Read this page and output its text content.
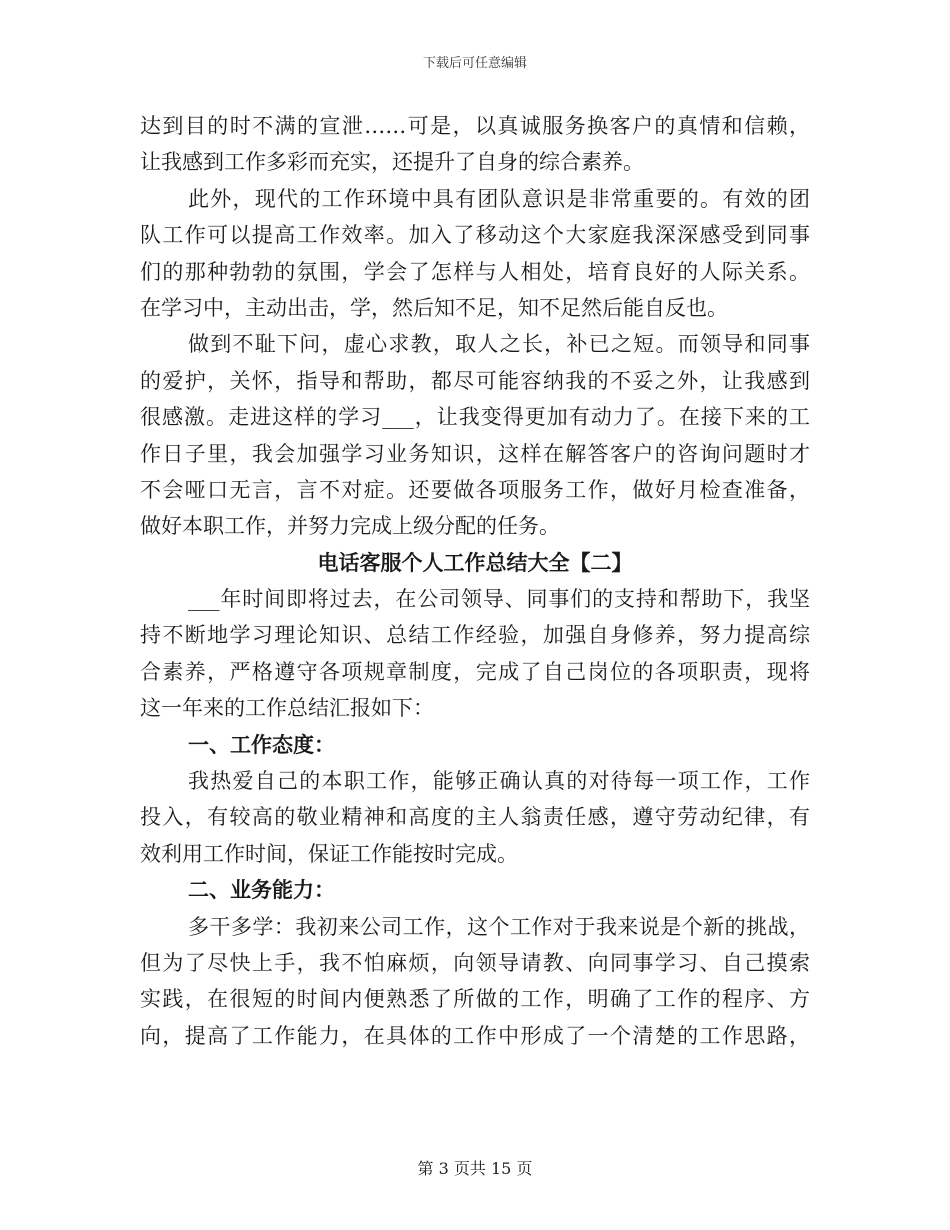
下载后可任意编辑
达到目的时不满的宣泄……可是，以真诚服务换客户的真情和信赖，
让我感到工作多彩而充实，还提升了自身的综合素养。
此外，现代的工作环境中具有团队意识是非常重要的。有效的团
队工作可以提高工作效率。加入了移动这个大家庭我深深感受到同事
们的那种勃勃的氛围，学会了怎样与人相处，培育良好的人际关系。
在学习中，主动出击，学，然后知不足，知不足然后能自反也。
做到不耻下问，虚心求教，取人之长，补已之短。而领导和同事
的爱护，关怀，指导和帮助，都尽可能容纳我的不妥之外，让我感到
很感激。走进这样的学习___，让我变得更加有动力了。在接下来的工
作日子里，我会加强学习业务知识，这样在解答客户的咨询问题时才
不会哑口无言，言不对症。还要做各项服务工作，做好月检查准备，
做好本职工作，并努力完成上级分配的任务。
电话客服个人工作总结大全【二】
___年时间即将过去，在公司领导、同事们的支持和帮助下，我坚
持不断地学习理论知识、总结工作经验，加强自身修养，努力提高综
合素养，严格遵守各项规章制度，完成了自己岗位的各项职责，现将
这一年来的工作总结汇报如下：
一、工作态度：
我热爱自己的本职工作，能够正确认真的对待每一项工作，工作
投入，有较高的敬业精神和高度的主人翁责任感，遵守劳动纪律，有
效利用工作时间，保证工作能按时完成。
二、业务能力：
多干多学：我初来公司工作，这个工作对于我来说是个新的挑战，
但为了尽快上手，我不怕麻烦，向领导请教、向同事学习、自己摸索
实践，在很短的时间内便熟悉了所做的工作，明确了工作的程序、方
向，提高了工作能力，在具体的工作中形成了一个清楚的工作思路，
第 3 页共 15 页
